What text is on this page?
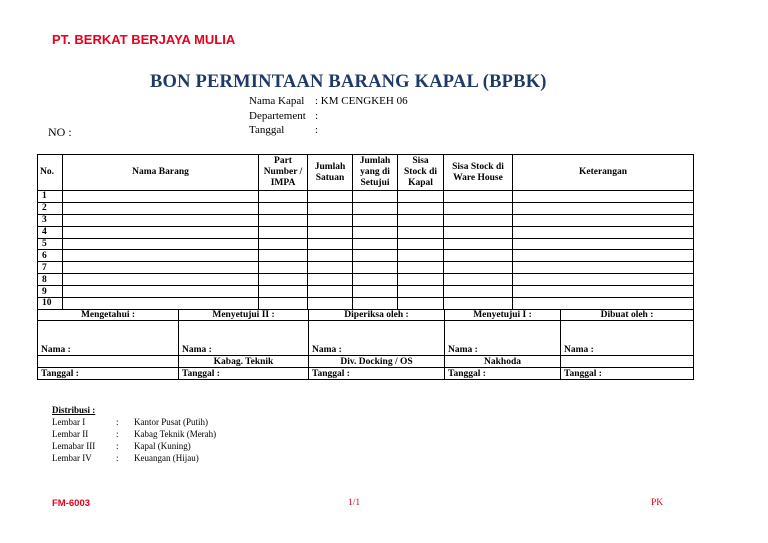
PT. BERKAT BERJAYA MULIA
BON PERMINTAAN BARANG KAPAL (BPBK)
Nama Kapal : KM CENGKEH 06
Departement :
Tanggal	:
NO :
No.	Nama Barang	Part Number / IMPA	Jumlah Satuan	Jumlah yang di Setujui	Sisa Stock di Kapal	Sisa Stock di Ware House	Keterangan
1							
2							
3							
4							
5							
6							
7							
8							
9							
10							
Mengetahui :	Menyetujui II :	Diperiksa oleh :	Menyetujui I :	Dibuat oleh :
Nama :	Nama :	Nama :	Nama :	Nama :
	Kabag. Teknik	Div. Docking / OS	Nakhoda	
Tanggal :	Tanggal :	Tanggal :	Tanggal :	Tanggal :
Distribusi :
Lembar I	: Kantor Pusat (Putih)
Lembar II	: Kabag Teknik (Merah)
Lemabar III : Kapal (Kuning)
Lembar IV	: Keuangan (Hijau)
FM-6003	1/1	PK
